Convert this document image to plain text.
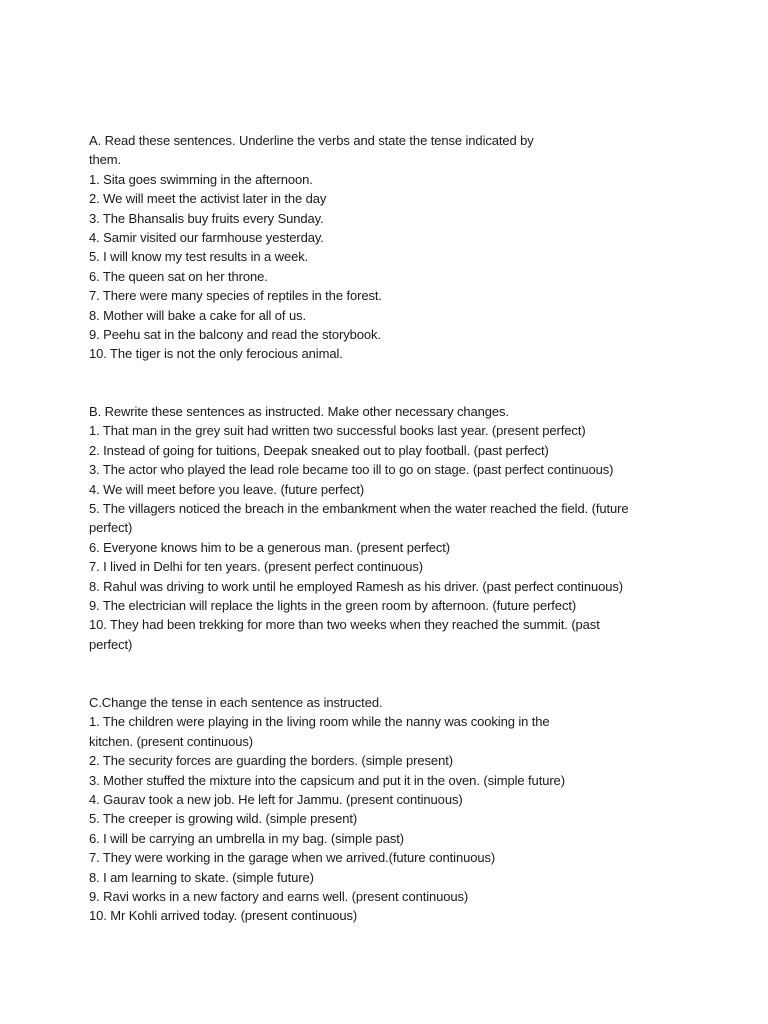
A. Read these sentences. Underline the verbs and state the tense indicated by

them.

1. Sita goes swimming in the afternoon.

2. We will meet the activist later in the day

3. The Bhansalis buy fruits every Sunday.

4. Samir visited our farmhouse yesterday.

5. I will know my test results in a week.

6. The queen sat on her throne.

7. There were many species of reptiles in the forest.

8. Mother will bake a cake for all of us.

9. Peehu sat in the balcony and read the storybook.

10. The tiger is not the only ferocious animal.

B. Rewrite these sentences as instructed. Make other necessary changes.

1. That man in the grey suit had written two successful books last year. (present perfect)

2. Instead of going for tuitions, Deepak sneaked out to play football. (past perfect)

3. The actor who played the lead role became too ill to go on stage. (past perfect continuous)

4. We will meet before you leave. (future perfect)

5. The villagers noticed the breach in the embankment when the water reached the field. (future

perfect)

6. Everyone knows him to be a generous man. (present perfect)

7. I lived in Delhi for ten years. (present perfect continuous)

8. Rahul was driving to work until he employed Ramesh as his driver. (past perfect continuous)

9. The electrician will replace the lights in the green room by afternoon. (future perfect)

10. They had been trekking for more than two weeks when they reached the summit. (past

perfect)

C.Change the tense in each sentence as instructed.

1. The children were playing in the living room while the nanny was cooking in the

kitchen. (present continuous)

2. The security forces are guarding the borders. (simple present)

3. Mother stuffed the mixture into the capsicum and put it in the oven. (simple future)

4. Gaurav took a new job. He left for Jammu. (present continuous)

5. The creeper is growing wild. (simple present)

6. I will be carrying an umbrella in my bag. (simple past)

7. They were working in the garage when we arrived.(future continuous)

8. I am learning to skate. (simple future)

9. Ravi works in a new factory and earns well. (present continuous)

10. Mr Kohli arrived today. (present continuous)
